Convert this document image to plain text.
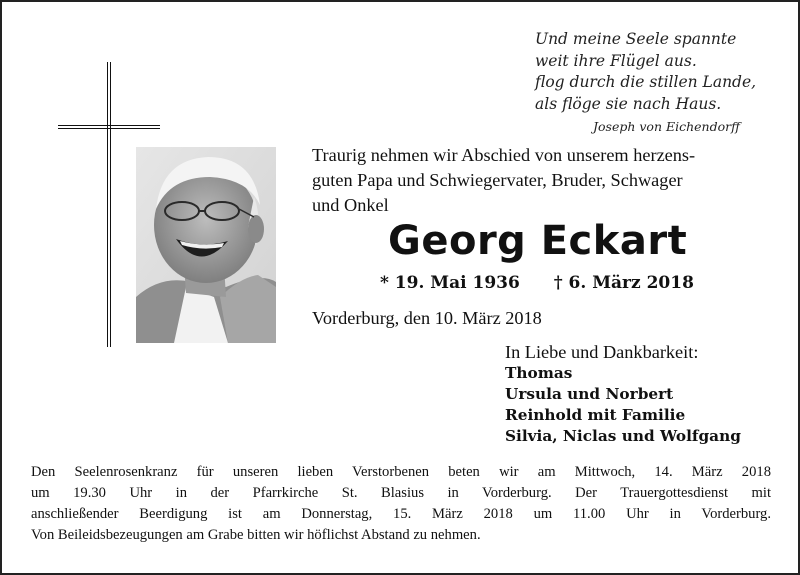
Und meine Seele spannte
weit ihre Flügel aus.
flog durch die stillen Lande,
als flöge sie nach Haus.
Joseph von Eichendorff
Traurig nehmen wir Abschied von unserem herzens-
guten Papa und Schwiegervater, Bruder, Schwager
und Onkel
Georg Eckart
* 19. Mai 1936 † 6. März 2018
Vorderburg, den 10. März 2018
In Liebe und Dankbarkeit:
Thomas
Ursula und Norbert
Reinhold mit Familie
Silvia, Niclas und Wolfgang
Den Seelenrosenkranz für unseren lieben Verstorbenen beten wir am Mittwoch, 14. März 2018
um 19.30 Uhr in der Pfarrkirche St. Blasius in Vorderburg. Der Trauergottesdienst mit
anschließender Beerdigung ist am Donnerstag, 15. März 2018 um 11.00 Uhr in Vorderburg.
Von Beileidsbezeugungen am Grabe bitten wir höflichst Abstand zu nehmen.
